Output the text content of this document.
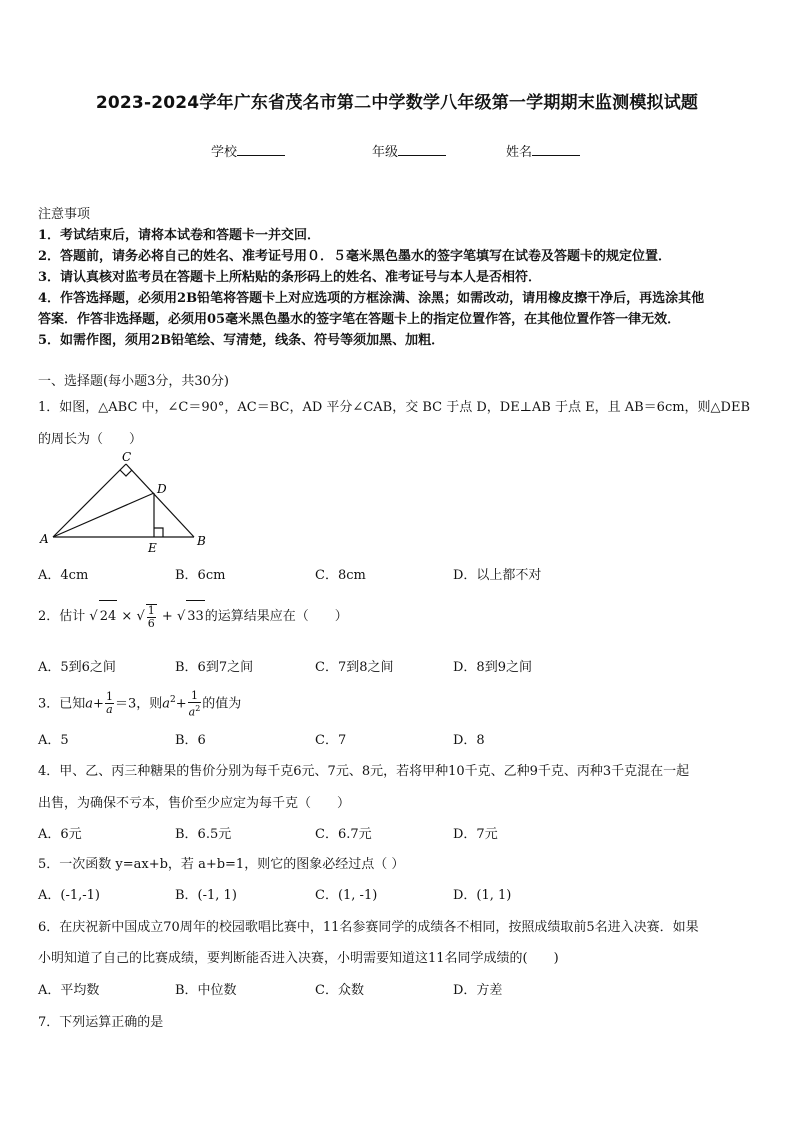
2023-2024学年广东省茂名市第二中学数学八年级第一学期期末监测模拟试题
学校	年级	姓名
注意事项
1．考试结束后，请将本试卷和答题卡一并交回．
2．答题前，请务必将自己的姓名、准考证号用０．５毫米黑色墨水的签字笔填写在试卷及答题卡的规定位置．
3．请认真核对监考员在答题卡上所粘贴的条形码上的姓名、准考证号与本人是否相符．
4．作答选择题，必须用2B铅笔将答题卡上对应选项的方框涂满、涂黑；如需改动，请用橡皮擦干净后，再选涂其他
答案．作答非选择题，必须用05毫米黑色墨水的签字笔在答题卡上的指定位置作答，在其他位置作答一律无效．
5．如需作图，须用2B铅笔绘、写清楚，线条、符号等须加黑、加粗．
一、选择题(每小题3分，共30分)
1．如图，△ABC 中，∠C＝90°，AC＝BC，AD 平分∠CAB，交 BC 于点 D，DE⊥AB 于点 E，且 AB＝6cm，则△DEB
的周长为（　　）
C
D
A
E	B
A．4cm	B．6cm	C．8cm	D．以上都不对
2．估计 √ 24 × √ $\frac{1}{6}$ + √ 33的运算结果应在（　　）
A．5到6之间	B．6到7之间	C．7到8之间	D．8到9之间
3．已知$a+ \frac{1}{a} =3$，则$a^2+ \frac{1}{a^2}$ 的值为
A．5	B．6	C．7	D．8
4．甲、乙、丙三种糖果的售价分别为每千克6元、7元、8元，若将甲种10千克、乙种9千克、丙种3千克混在一起
出售，为确保不亏本，售价至少应定为每千克（　　）
A．6元	B．6.5元	C．6.7元	D．7元
5．一次函数 y=ax+b，若 a+b=1，则它的图象必经过点（ ）
A．(-1,-1)	B．(-1, 1)	C．(1, -1)	D．(1, 1)
6．在庆祝新中国成立70周年的校园歌唱比赛中，11名参赛同学的成绩各不相同，按照成绩取前5名进入决赛．如果
小明知道了自己的比赛成绩，要判断能否进入决赛，小明需要知道这11名同学成绩的(　　)
A．平均数	B．中位数	C．众数	D．方差
7．下列运算正确的是
